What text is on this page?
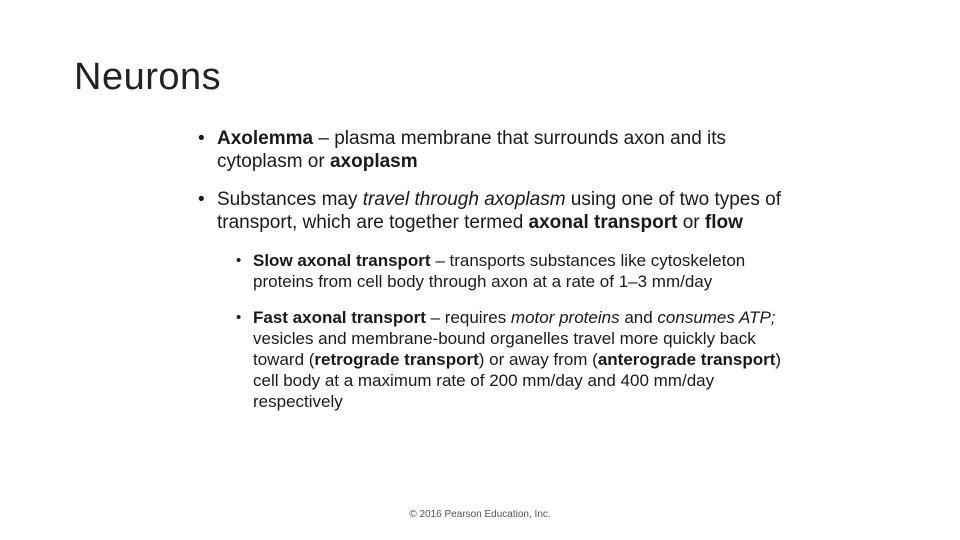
Neurons
• Axolemma – plasma membrane that surrounds axon and its cytoplasm or axoplasm
• Substances may travel through axoplasm using one of two types of transport, which are together termed axonal transport or flow
• Slow axonal transport – transports substances like cytoskeleton proteins from cell body through axon at a rate of 1–3 mm/day
• Fast axonal transport – requires motor proteins and consumes ATP; vesicles and membrane-bound organelles travel more quickly back toward (retrograde transport) or away from (anterograde transport) cell body at a maximum rate of 200 mm/day and 400 mm/day respectively
© 2016 Pearson Education, Inc.
